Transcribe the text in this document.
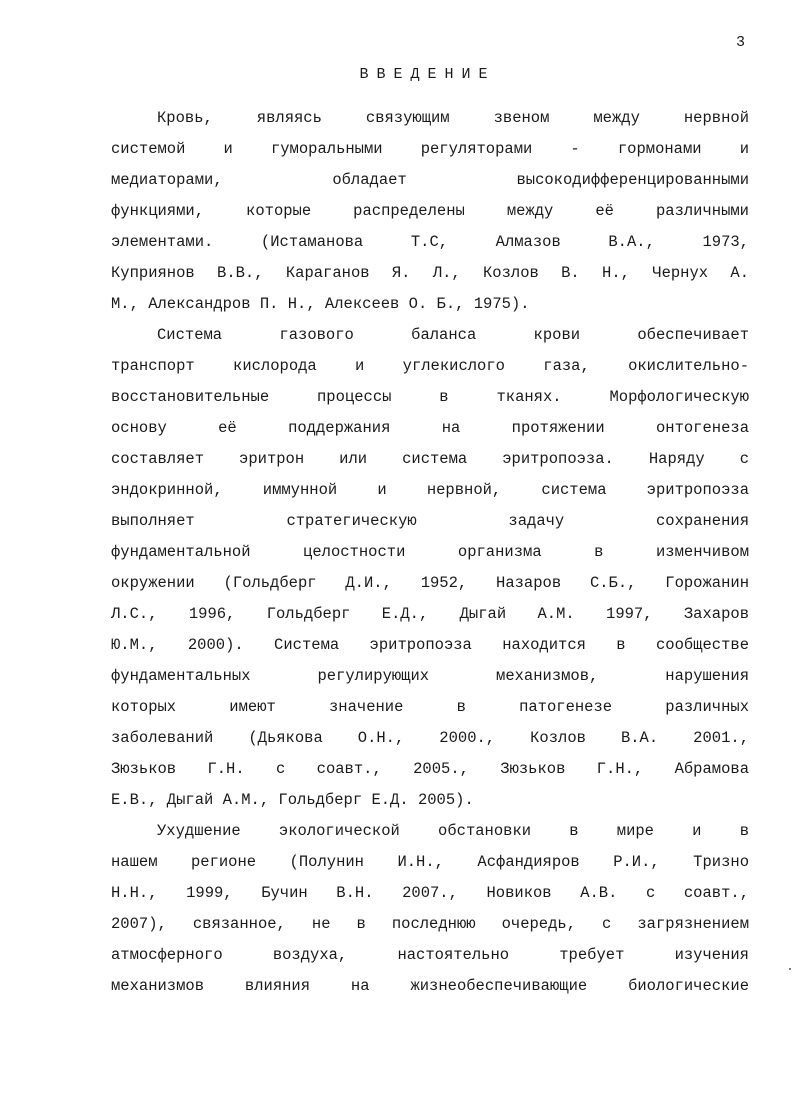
3
ВВЕДЕНИЕ
Кровь, являясь связующим звеном между нервной
системой и гуморальными регуляторами - гормонами и
медиаторами, обладает высокодифференцированными
функциями, которые распределены между её различными
элементами. (Истаманова Т.С, Алмазов В.А., 1973,
Куприянов В.В., Караганов Я. Л., Козлов В. Н., Чернух А.
М., Александров П. Н., Алексеев О. Б., 1975).
Система газового баланса крови обеспечивает
транспорт кислорода и углекислого газа, окислительно-
восстановительные процессы в тканях. Морфологическую
основу её поддержания на протяжении онтогенеза
составляет эритрон или система эритропоэза. Наряду с
эндокринной, иммунной и нервной, система эритропоэза
выполняет стратегическую задачу сохранения
фундаментальной целостности организма в изменчивом
окружении (Гольдберг Д.И., 1952, Назаров С.Б., Горожанин
Л.С., 1996, Гольдберг Е.Д., Дыгай А.М. 1997, Захаров
Ю.М., 2000). Система эритропоэза находится в сообществе
фундаментальных регулирующих механизмов, нарушения
которых имеют значение в патогенезе различных
заболеваний (Дьякова О.Н., 2000., Козлов В.А. 2001.,
Зюзьков Г.Н. с соавт., 2005., Зюзьков Г.Н., Абрамова
Е.В., Дыгай А.М., Гольдберг Е.Д. 2005).
Ухудшение экологической обстановки в мире и в
нашем регионе (Полунин И.Н., Асфандияров Р.И., Тризно
Н.Н., 1999, Бучин В.Н. 2007., Новиков А.В. с соавт.,
2007), связанное, не в последнюю очередь, с загрязнением
атмосферного воздуха, настоятельно требует изучения
механизмов влияния на жизнеобеспечивающие биологические
